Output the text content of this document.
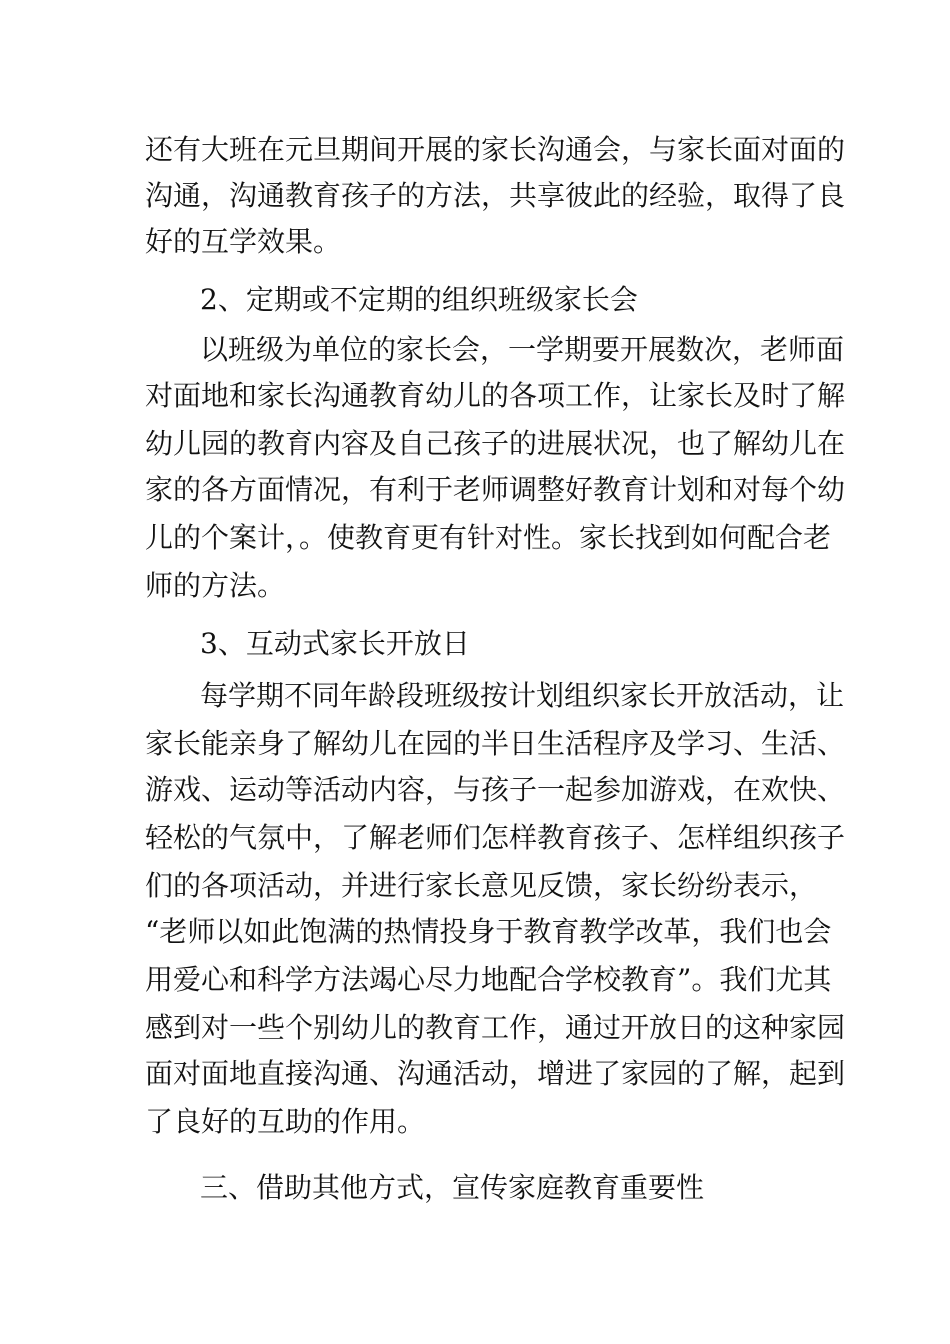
还有大班在元旦期间开展的家长沟通会，与家长面对面的
沟通，沟通教育孩子的方法，共享彼此的经验，取得了良
好的互学效果。
2、定期或不定期的组织班级家长会
以班级为单位的家长会，一学期要开展数次，老师面
对面地和家长沟通教育幼儿的各项工作，让家长及时了解
幼儿园的教育内容及自己孩子的进展状况，也了解幼儿在
家的各方面情况，有利于老师调整好教育计划和对每个幼
儿的个案计，。使教育更有针对性。家长找到如何配合老
师的方法。
3、互动式家长开放日
每学期不同年龄段班级按计划组织家长开放活动，让
家长能亲身了解幼儿在园的半日生活程序及学习、生活、
游戏、运动等活动内容，与孩子一起参加游戏，在欢快、
轻松的气氛中，了解老师们怎样教育孩子、怎样组织孩子
们的各项活动，并进行家长意见反馈，家长纷纷表示，
“老师以如此饱满的热情投身于教育教学改革，我们也会
用爱心和科学方法竭心尽力地配合学校教育”。我们尤其
感到对一些个别幼儿的教育工作，通过开放日的这种家园
面对面地直接沟通、沟通活动，增进了家园的了解，起到
了良好的互助的作用。
三、借助其他方式，宣传家庭教育重要性
